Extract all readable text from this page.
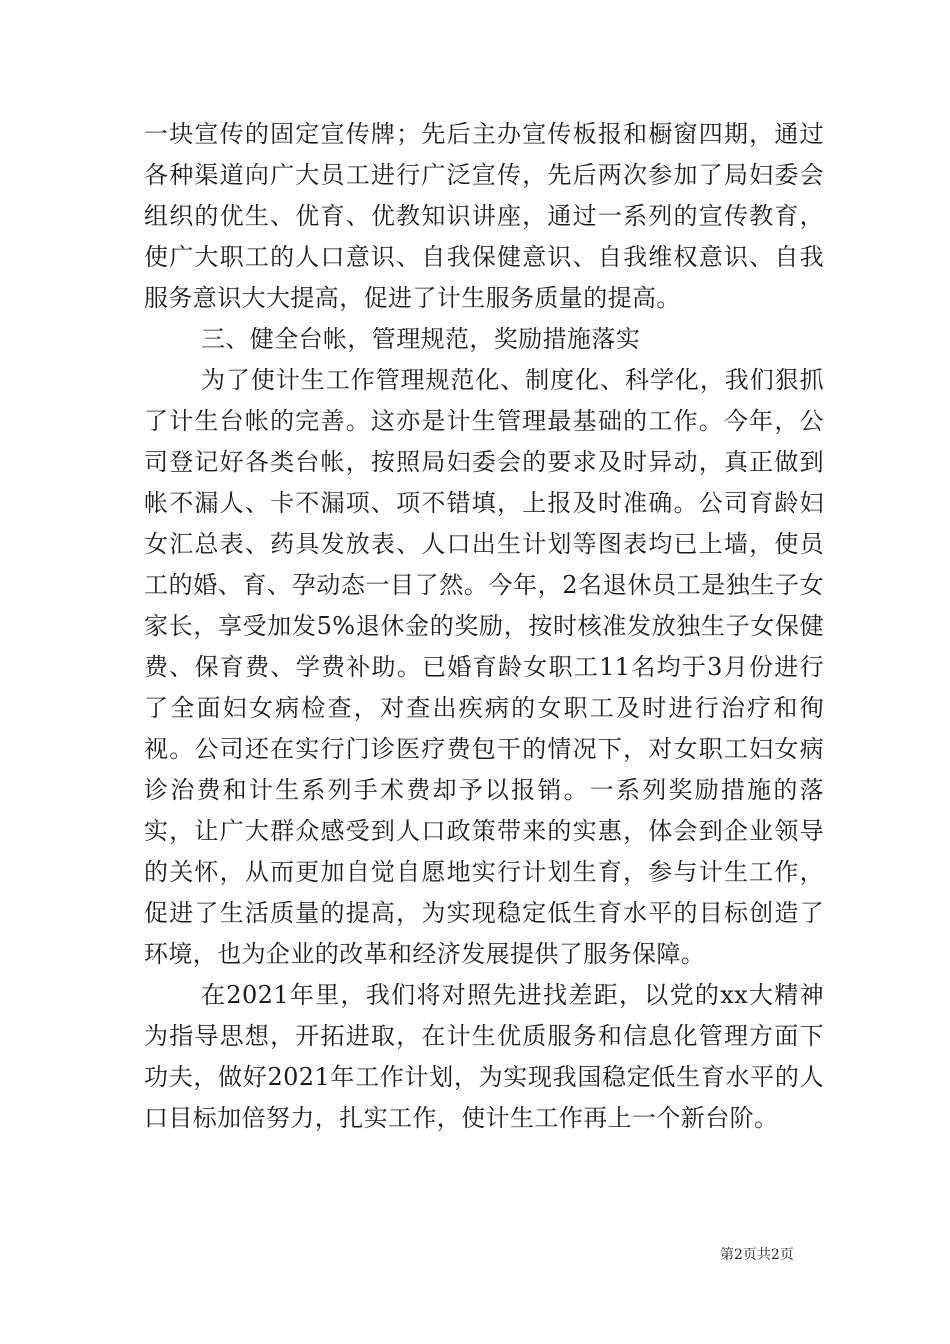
一块宣传的固定宣传牌；先后主办宣传板报和橱窗四期，通过各种渠道向广大员工进行广泛宣传，先后两次参加了局妇委会组织的优生、优育、优教知识讲座，通过一系列的宣传教育，使广大职工的人口意识、自我保健意识、自我维权意识、自我服务意识大大提高，促进了计生服务质量的提高。

三、健全台帐，管理规范，奖励措施落实

为了使计生工作管理规范化、制度化、科学化，我们狠抓了计生台帐的完善。这亦是计生管理最基础的工作。今年，公司登记好各类台帐，按照局妇委会的要求及时异动，真正做到帐不漏人、卡不漏项、项不错填，上报及时准确。公司育龄妇女汇总表、药具发放表、人口出生计划等图表均已上墙，使员工的婚、育、孕动态一目了然。今年，2名退休员工是独生子女家长，享受加发5%退休金的奖励，按时核准发放独生子女保健费、保育费、学费补助。已婚育龄女职工11名均于3月份进行了全面妇女病检查，对查出疾病的女职工及时进行治疗和徇视。公司还在实行门诊医疗费包干的情况下，对女职工妇女病诊治费和计生系列手术费却予以报销。一系列奖励措施的落实，让广大群众感受到人口政策带来的实惠，体会到企业领导的关怀，从而更加自觉自愿地实行计划生育，参与计生工作，促进了生活质量的提高，为实现稳定低生育水平的目标创造了环境，也为企业的改革和经济发展提供了服务保障。

在2021年里，我们将对照先进找差距，以党的xx大精神为指导思想，开拓进取，在计生优质服务和信息化管理方面下功夫，做好2021年工作计划，为实现我国稳定低生育水平的人口目标加倍努力，扎实工作，使计生工作再上一个新台阶。

第2页共2页
